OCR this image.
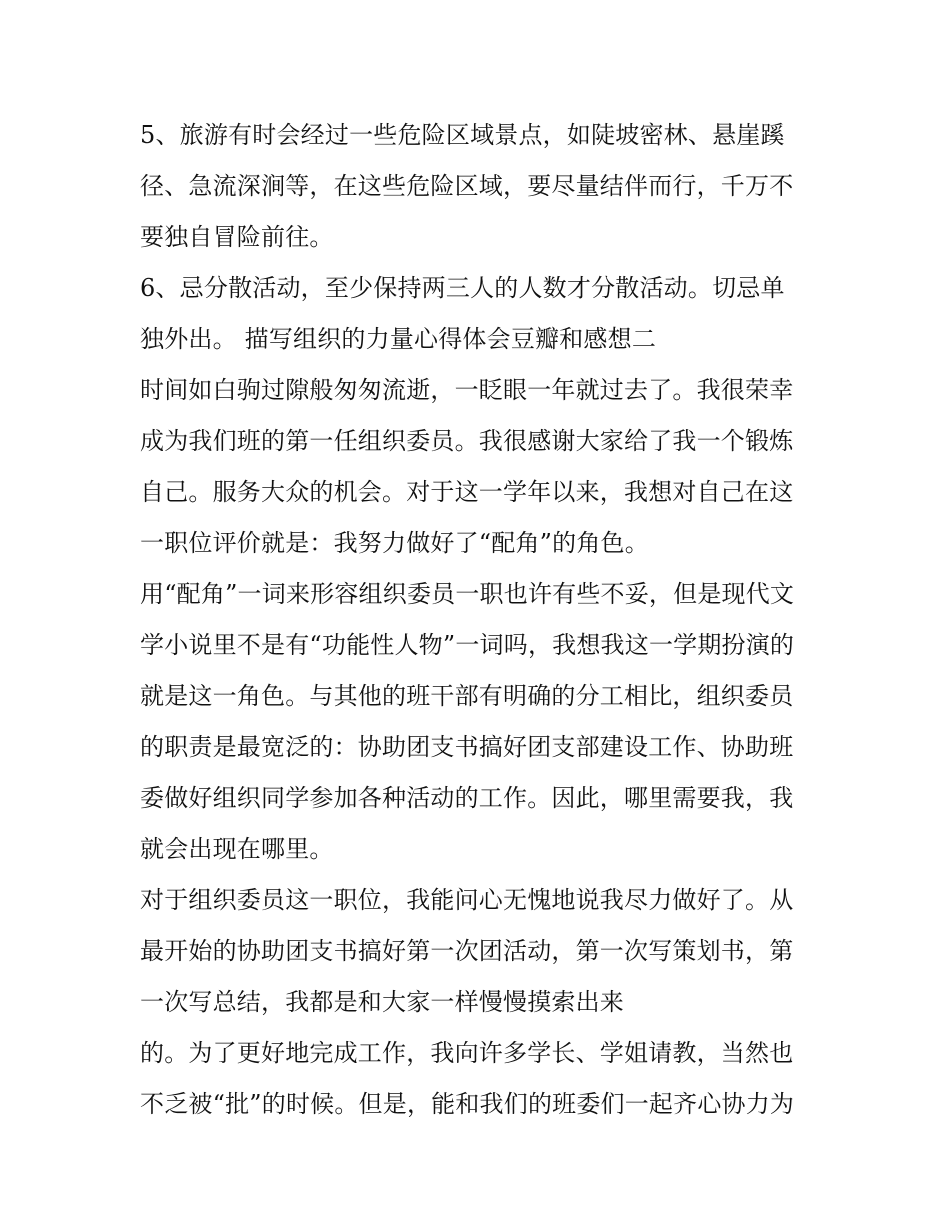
5、旅游有时会经过一些危险区域景点，如陡坡密林、悬崖蹊
径、急流深涧等，在这些危险区域，要尽量结伴而行，千万不
要独自冒险前往。
6、忌分散活动，至少保持两三人的人数才分散活动。切忌单
独外出。 描写组织的力量心得体会豆瓣和感想二
时间如白驹过隙般匆匆流逝，一眨眼一年就过去了。我很荣幸
成为我们班的第一任组织委员。我很感谢大家给了我一个锻炼
自己。服务大众的机会。对于这一学年以来，我想对自己在这
一职位评价就是：我努力做好了“配角”的角色。
用“配角”一词来形容组织委员一职也许有些不妥，但是现代文
学小说里不是有“功能性人物”一词吗，我想我这一学期扮演的
就是这一角色。与其他的班干部有明确的分工相比，组织委员
的职责是最宽泛的：协助团支书搞好团支部建设工作、协助班
委做好组织同学参加各种活动的工作。因此，哪里需要我，我
就会出现在哪里。
对于组织委员这一职位，我能问心无愧地说我尽力做好了。从
最开始的协助团支书搞好第一次团活动，第一次写策划书，第
一次写总结，我都是和大家一样慢慢摸索出来
的。为了更好地完成工作，我向许多学长、学姐请教，当然也
不乏被“批”的时候。但是，能和我们的班委们一起齐心协力为
